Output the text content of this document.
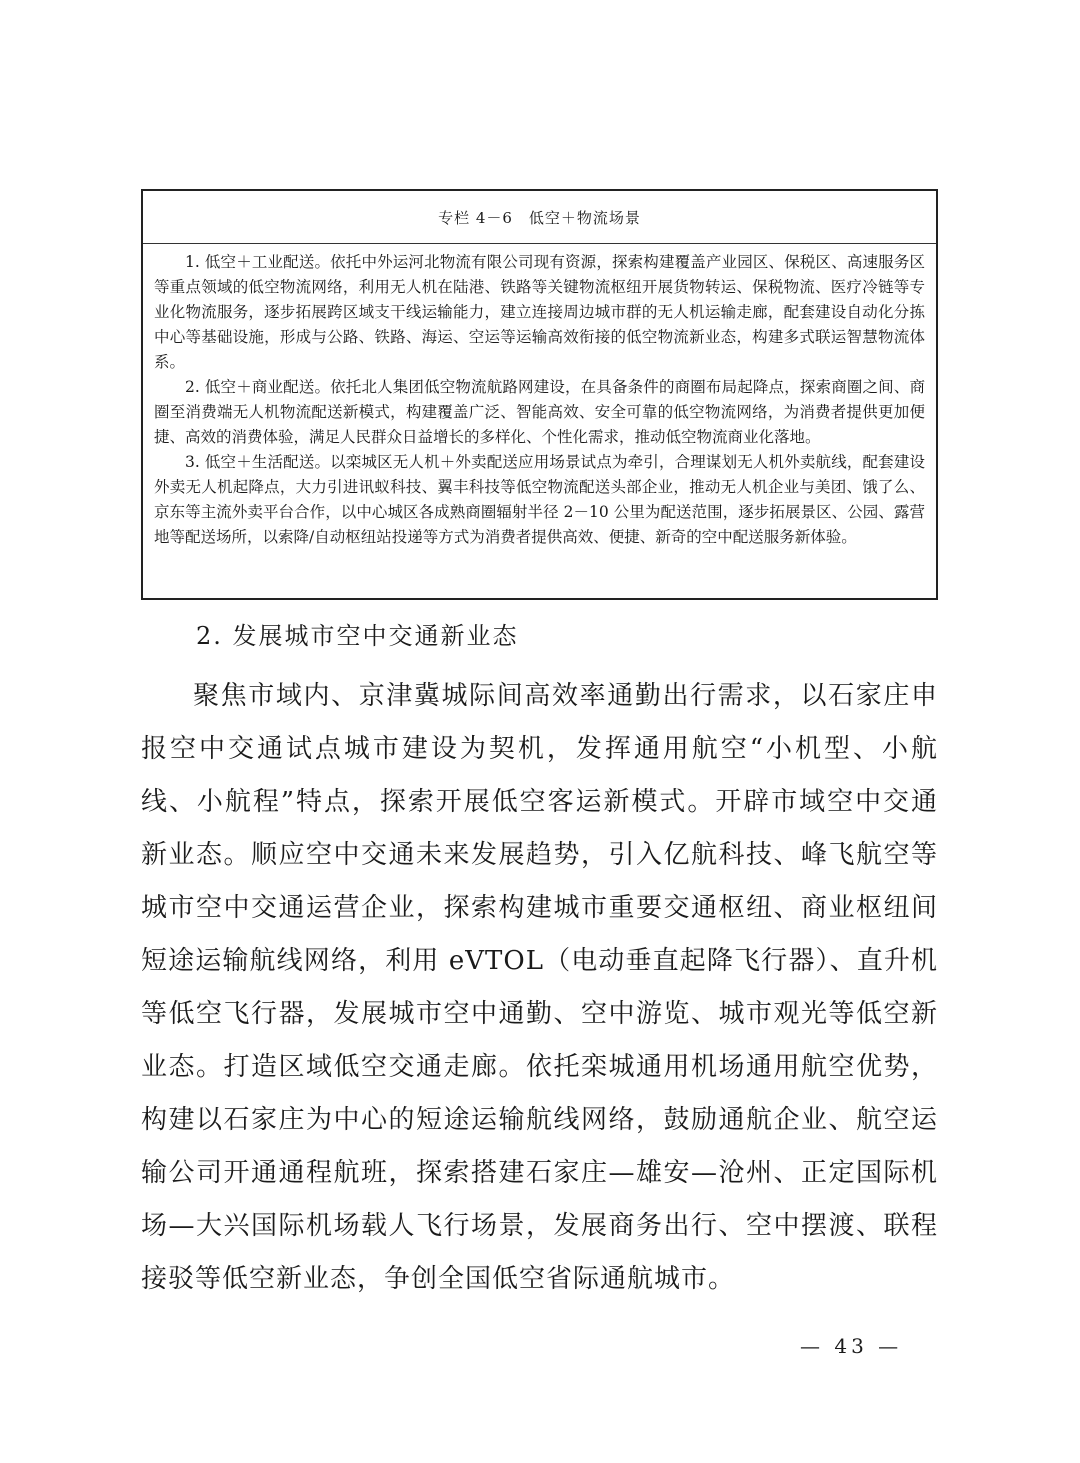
专栏 4－6　低空＋物流场景

1. 低空＋工业配送。依托中外运河北物流有限公司现有资源，探索构建覆盖产业园区、保税区、高速服务区等重点领域的低空物流网络，利用无人机在陆港、铁路等关键物流枢纽开展货物转运、保税物流、医疗冷链等专业化物流服务，逐步拓展跨区域支干线运输能力，建立连接周边城市群的无人机运输走廊，配套建设自动化分拣中心等基础设施，形成与公路、铁路、海运、空运等运输高效衔接的低空物流新业态，构建多式联运智慧物流体系。

2. 低空＋商业配送。依托北人集团低空物流航路网建设，在具备条件的商圈布局起降点，探索商圈之间、商圈至消费端无人机物流配送新模式，构建覆盖广泛、智能高效、安全可靠的低空物流网络，为消费者提供更加便捷、高效的消费体验，满足人民群众日益增长的多样化、个性化需求，推动低空物流商业化落地。

3. 低空＋生活配送。以栾城区无人机＋外卖配送应用场景试点为牵引，合理谋划无人机外卖航线，配套建设外卖无人机起降点，大力引进讯蚁科技、翼丰科技等低空物流配送头部企业，推动无人机企业与美团、饿了么、京东等主流外卖平台合作，以中心城区各成熟商圈辐射半径 2－10 公里为配送范围，逐步拓展景区、公园、露营地等配送场所，以索降/自动枢纽站投递等方式为消费者提供高效、便捷、新奇的空中配送服务新体验。

2. 发展城市空中交通新业态

聚焦市域内、京津冀城际间高效率通勤出行需求，以石家庄申报空中交通试点城市建设为契机，发挥通用航空“小机型、小航线、小航程”特点，探索开展低空客运新模式。开辟市域空中交通新业态。顺应空中交通未来发展趋势，引入亿航科技、峰飞航空等城市空中交通运营企业，探索构建城市重要交通枢纽、商业枢纽间短途运输航线网络，利用 eVTOL（电动垂直起降飞行器）、直升机等低空飞行器，发展城市空中通勤、空中游览、城市观光等低空新业态。打造区域低空交通走廊。依托栾城通用机场通用航空优势，构建以石家庄为中心的短途运输航线网络，鼓励通航企业、航空运输公司开通通程航班，探索搭建石家庄—雄安—沧州、正定国际机场—大兴国际机场载人飞行场景，发展商务出行、空中摆渡、联程接驳等低空新业态，争创全国低空省际通航城市。

— 43 —
